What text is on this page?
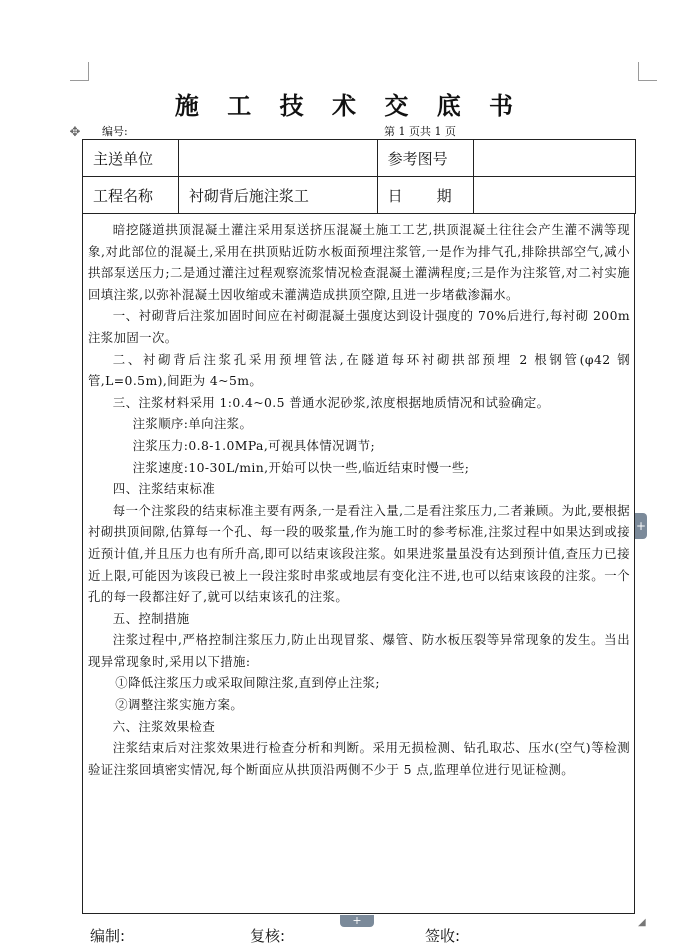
施 工 技 术 交 底 书
✥ 编号:	第 1 页共 1 页
主送单位		参考图号	
工程名称	衬砌背后施注浆工	日 期	

暗挖隧道拱顶混凝土灌注采用泵送挤压混凝土施工工艺,拱顶混凝土往往会产生灌不满等现象,对此部位的混凝土,采用在拱顶贴近防水板面预埋注浆管,一是作为排气孔,排除拱部空气,减小拱部泵送压力;二是通过灌注过程观察流浆情况检查混凝土灌满程度;三是作为注浆管,对二衬实施回填注浆,以弥补混凝土因收缩或未灌满造成拱顶空隙,且进一步堵截渗漏水。

一、衬砌背后注浆加固时间应在衬砌混凝土强度达到设计强度的 70%后进行,每衬砌 200m 注浆加固一次。

二、衬砌背后注浆孔采用预埋管法,在隧道每环衬砌拱部预埋 2 根钢管(φ42 钢管,L=0.5m),间距为 4~5m。

三、注浆材料采用 1:0.4~0.5 普通水泥砂浆,浓度根据地质情况和试验确定。

注浆顺序:单向注浆。

注浆压力:0.8-1.0MPa,可视具体情况调节;

注浆速度:10-30L/min,开始可以快一些,临近结束时慢一些;

四、注浆结束标准

每一个注浆段的结束标准主要有两条,一是看注入量,二是看注浆压力,二者兼顾。为此,要根据衬砌拱顶间隙,估算每一个孔、每一段的吸浆量,作为施工时的参考标准,注浆过程中如果达到或接近预计值,并且压力也有所升高,即可以结束该段注浆。如果进浆量虽没有达到预计值,查压力已接近上限,可能因为该段已被上一段注浆时串浆或地层有变化注不进,也可以结束该段的注浆。一个孔的每一段都注好了,就可以结束该孔的注浆。

五、控制措施

注浆过程中,严格控制注浆压力,防止出现冒浆、爆管、防水板压裂等异常现象的发生。当出现异常现象时,采用以下措施:

①降低注浆压力或采取间隙注浆,直到停止注浆;

②调整注浆实施方案。

六、注浆效果检查

注浆结束后对注浆效果进行检查分析和判断。采用无损检测、钻孔取芯、压水(空气)等检测验证注浆回填密实情况,每个断面应从拱顶沿两侧不少于 5 点,监理单位进行见证检测。

+
+	◢
编制:	复核:	签收:
